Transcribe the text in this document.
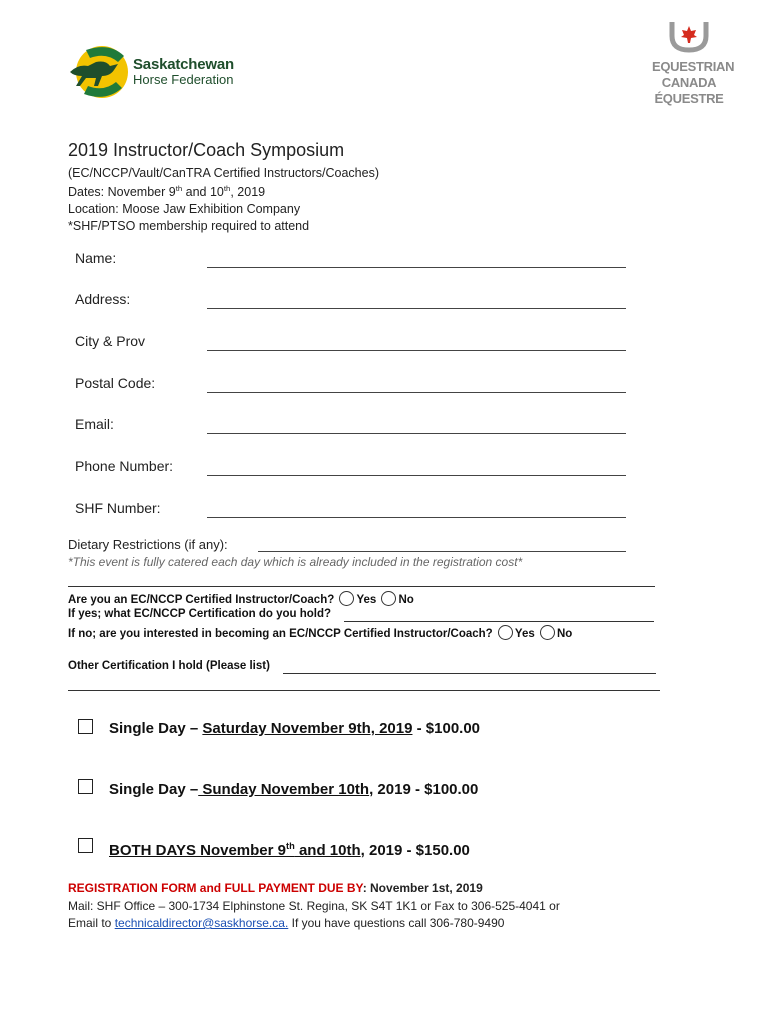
Saskatchewan
Horse Federation
EQUESTRIAN
CANADA
ÉQUESTRE
2019 Instructor/Coach Symposium
(EC/NCCP/Vault/CanTRA Certified Instructors/Coaches)
Dates: November 9th and 10th, 2019
Location: Moose Jaw Exhibition Company
*SHF/PTSO membership required to attend
Name:
Address:
City & Prov
Postal Code:
Email:
Phone Number:
SHF Number:
Dietary Restrictions (if any):
*This event is fully catered each day which is already included in the registration cost*
Are you an EC/NCCP Certified Instructor/Coach? Yes No
If yes; what EC/NCCP Certification do you hold?
If no; are you interested in becoming an EC/NCCP Certified Instructor/Coach? Yes No
Other Certification I hold (Please list)
Single Day – Saturday November 9th, 2019 - $100.00
Single Day – Sunday November 10th, 2019 - $100.00
BOTH DAYS November 9th and 10th, 2019 - $150.00
REGISTRATION FORM and FULL PAYMENT DUE BY: November 1st, 2019
Mail: SHF Office – 300-1734 Elphinstone St. Regina, SK S4T 1K1 or Fax to 306-525-4041 or
Email to technicaldirector@saskhorse.ca. If you have questions call 306-780-9490
